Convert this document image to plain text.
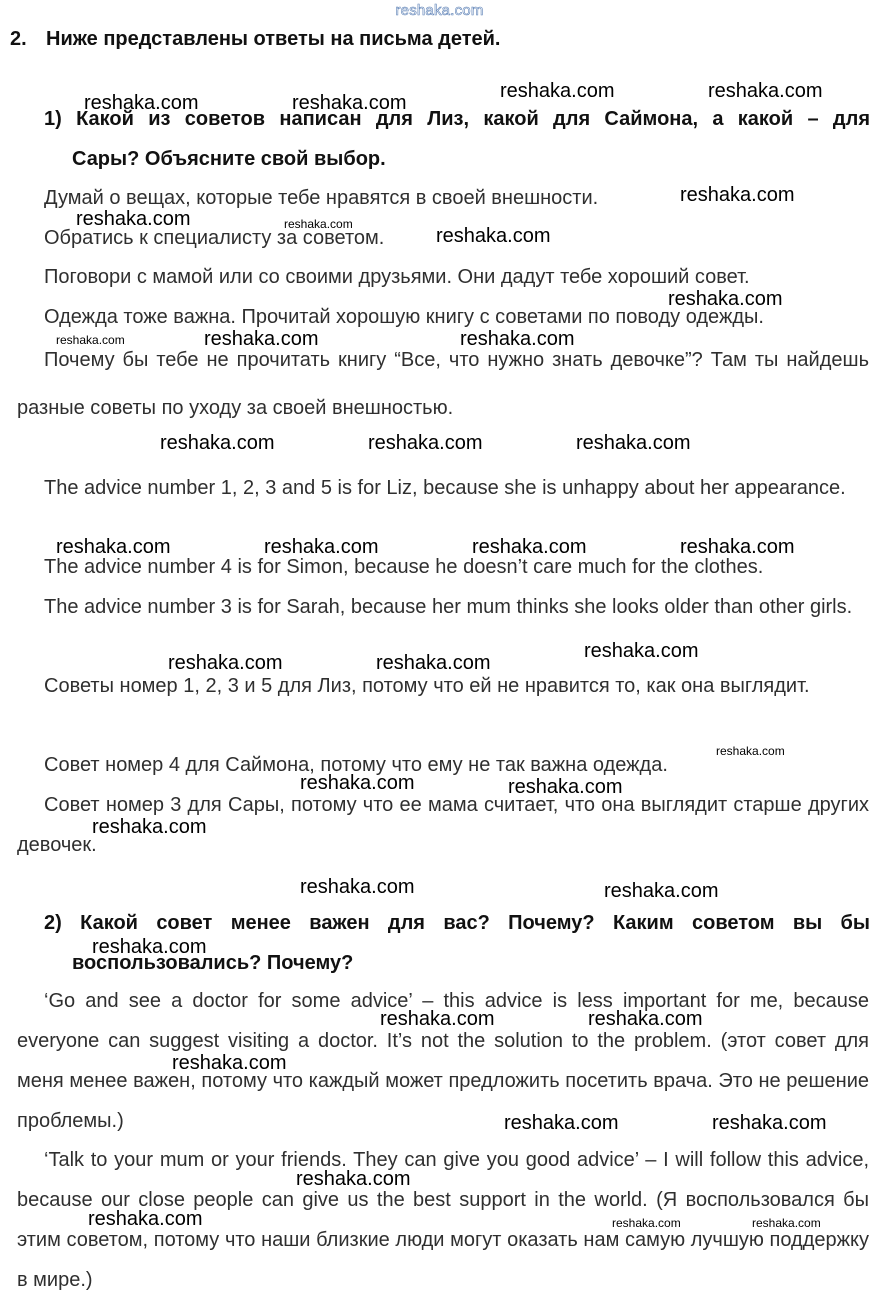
reshaka.com
2. Ниже представлены ответы на письма детей.
1) Какой из советов написан для Лиз, какой для Саймона, а какой – для
Сары? Объясните свой выбор.
Думай о вещах, которые тебе нравятся в своей внешности.
Обратись к специалисту за советом.
Поговори с мамой или со своими друзьями. Они дадут тебе хороший совет.
Одежда тоже важна. Прочитай хорошую книгу с советами по поводу одежды.
Почему бы тебе не прочитать книгу “Все, что нужно знать девочке”? Там ты найдешь разные советы по уходу за своей внешностью.
The advice number 1, 2, 3 and 5 is for Liz, because she is unhappy about her appearance.
The advice number 4 is for Simon, because he doesn’t care much for the clothes.
The advice number 3 is for Sarah, because her mum thinks she looks older than other girls.
Советы номер 1, 2, 3 и 5 для Лиз, потому что ей не нравится то, как она выглядит.
Совет номер 4 для Саймона, потому что ему не так важна одежда.
Совет номер 3 для Сары, потому что ее мама считает, что она выглядит старше других девочек.
2) Какой совет менее важен для вас? Почему? Каким советом вы бы
воспользовались? Почему?
‘Go and see a doctor for some advice’ – this advice is less important for me, because everyone can suggest visiting a doctor. It’s not the solution to the problem. (этот совет для меня менее важен, потому что каждый может предложить посетить врача. Это не решение проблемы.)
‘Talk to your mum or your friends. They can give you good advice’ – I will follow this advice, because our close people can give us the best support in the world. (Я воспользовался бы этим советом, потому что наши близкие люди могут оказать нам самую лучшую поддержку в мире.)
reshaka.com	reshaka.com
reshaka.com	reshaka.com
reshaka.com
reshaka.com	reshaka.com
reshaka.com
reshaka.com
reshaka.com	reshaka.com	reshaka.com
reshaka.com	reshaka.com	reshaka.com
reshaka.com	reshaka.com	reshaka.com	reshaka.com
reshaka.com	reshaka.com
reshaka.com
reshaka.com
reshaka.com	reshaka.com
reshaka.com
reshaka.com	reshaka.com
reshaka.com
reshaka.com	reshaka.com
reshaka.com
reshaka.com	reshaka.com
reshaka.com
reshaka.com	reshaka.com	reshaka.com
